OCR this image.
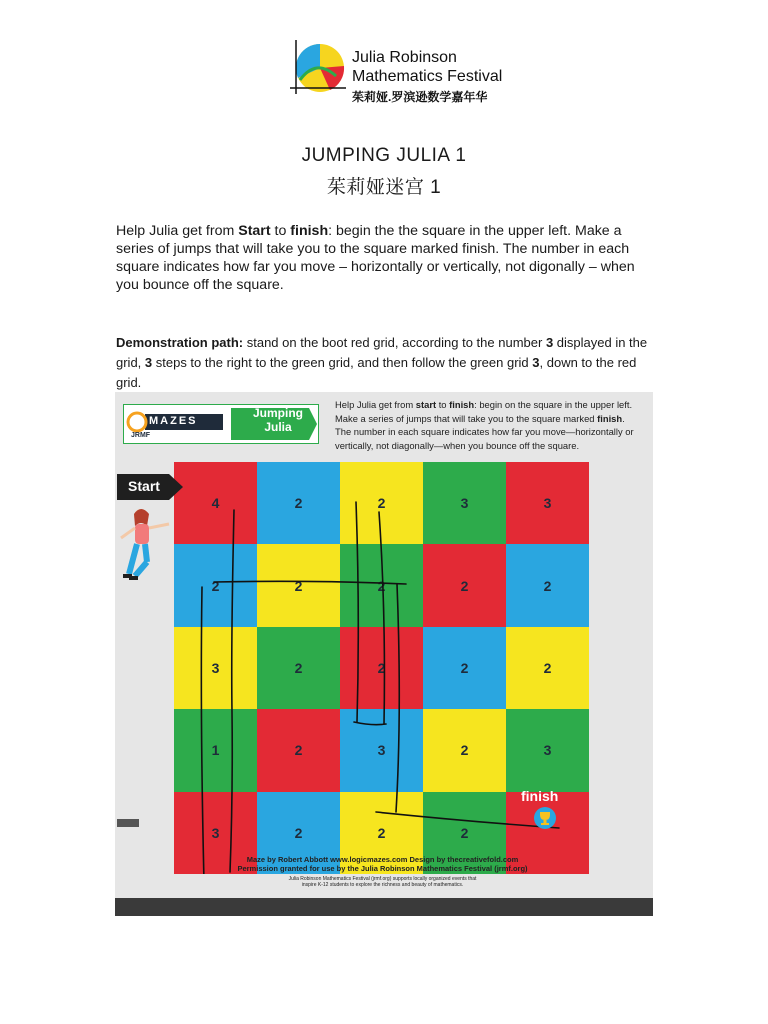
Julia Robinson
Mathematics Festival
茱莉娅.罗滨逊数学嘉年华
JUMPING JULIA 1
茱莉娅迷宫 1
Help Julia get from Start to finish: begin the the square in the upper left. Make a series of jumps that will take you to the square marked finish. The number in each square indicates how far you move – horizontally or vertically, not digonally – when you bounce off the square.
Demonstration path: stand on the boot red grid, according to the number 3 displayed in the grid, 3 steps to the right to the green grid, and then follow the green grid 3, down to the red grid.
MAZES
JRMF
Jumping
Julia
Help Julia get from start to finish: begin on the square in the upper left. Make a series of jumps that will take you to the square marked finish. The number in each square indicates how far you move—horizontally or vertically, not diagonally—when you bounce off the square.
4	2	2	3	3
2	2	2	2	2
3	2	2	2	2
1	2	3	2	3
3	2	2	2
Start
finish
Maze by Robert Abbott www.logicmazes.com Design by thecreativefold.com
Permission granted for use by the Julia Robinson Mathematics Festival (jrmf.org)
Julia Robinson Mathematics Festival (jrmf.org) supports locally organized events that
inspire K-12 students to explore the richness and beauty of mathematics.
